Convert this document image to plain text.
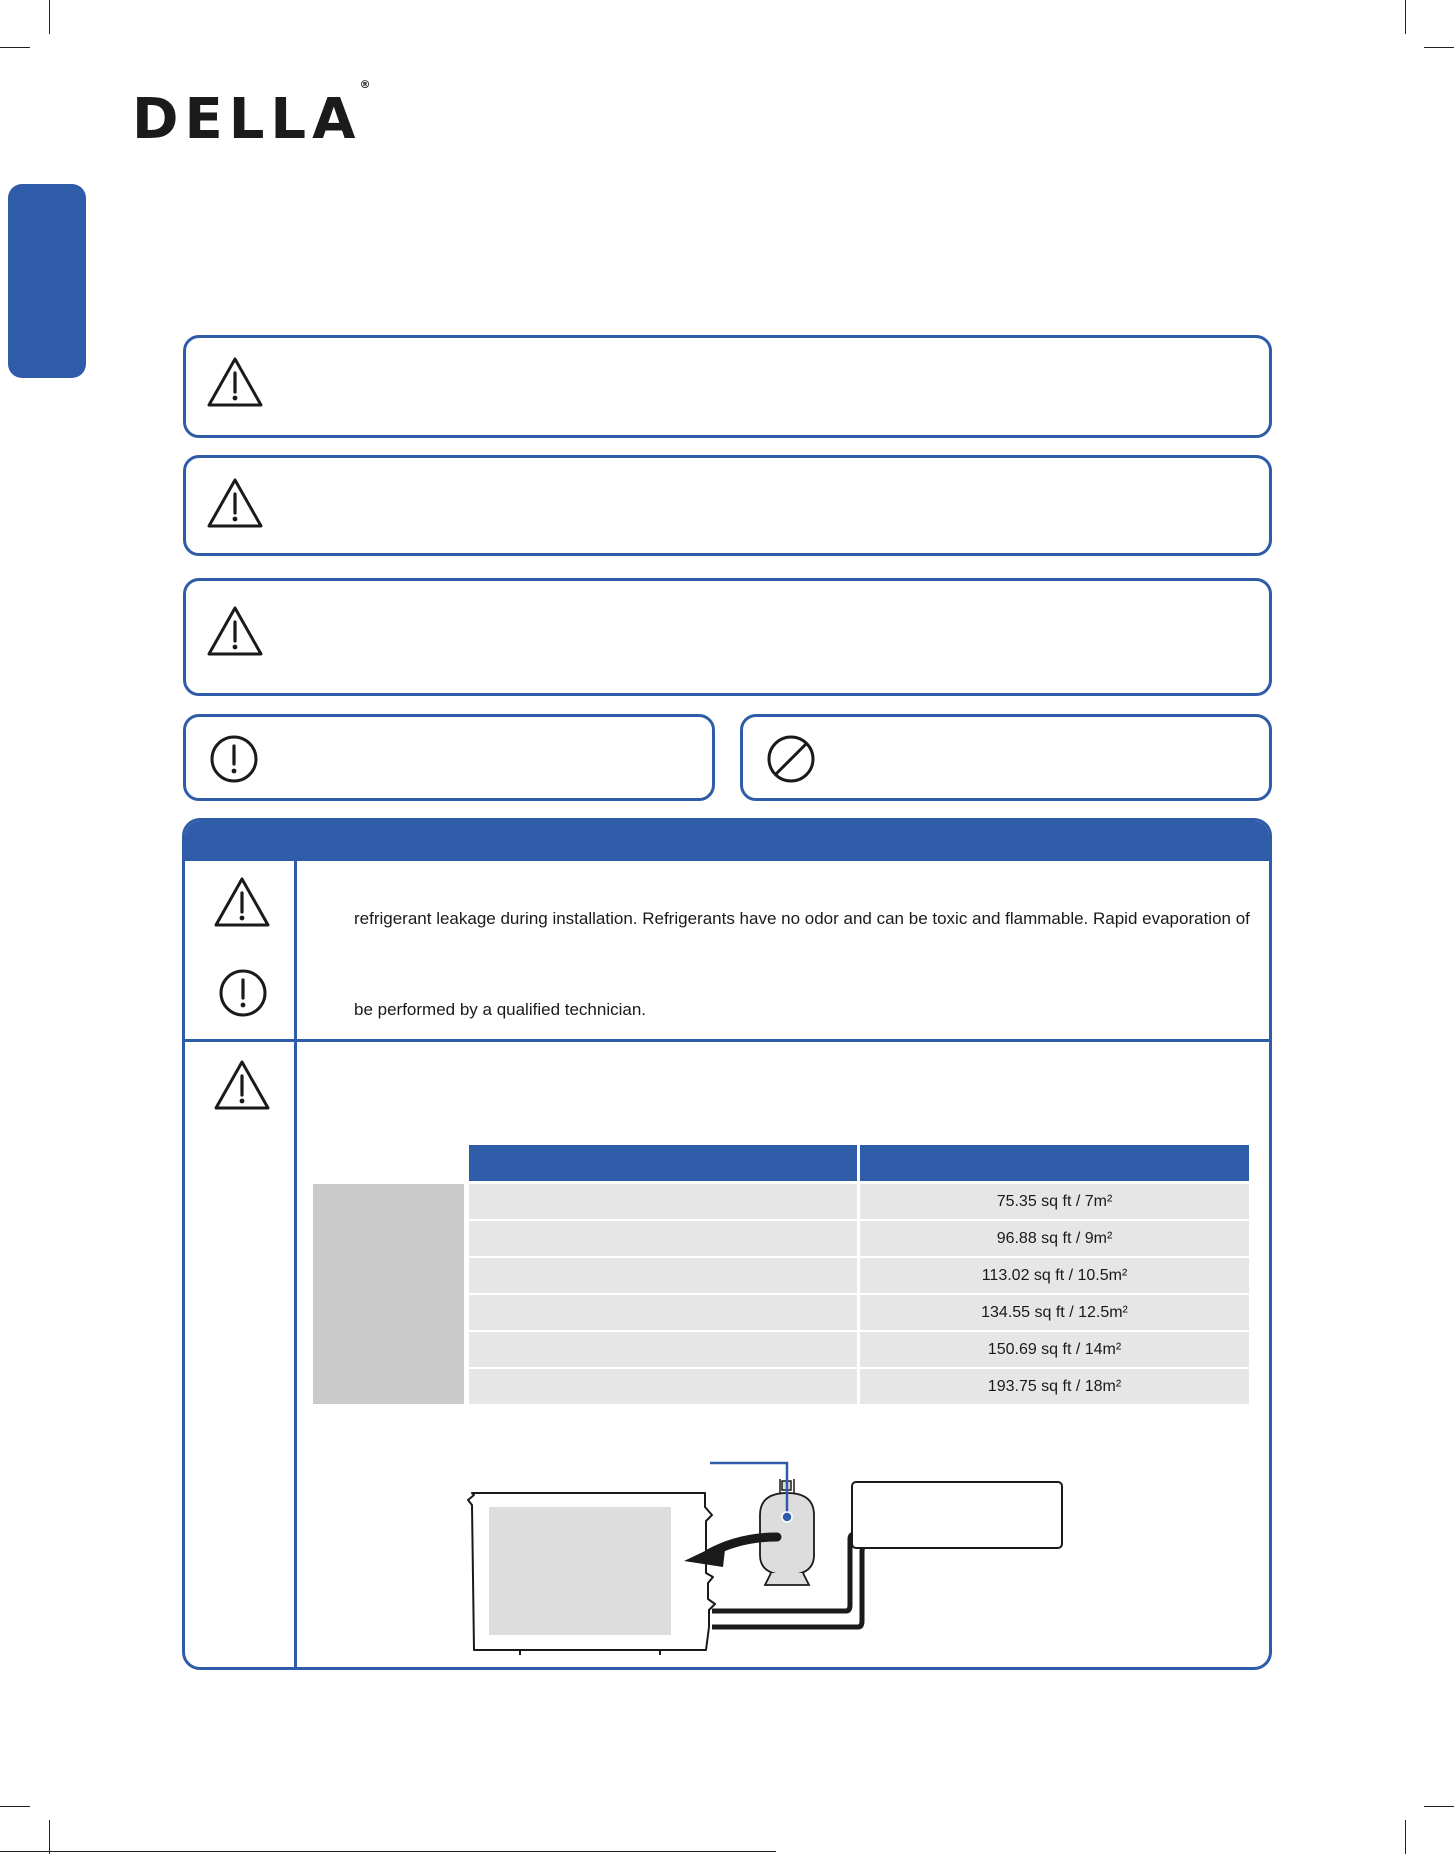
DELLA®
refrigerant leakage during installation. Refrigerants have no odor and can be toxic and flammable. Rapid evaporation of
be performed by a qualified technician.
75.35 sq ft / 7m²
96.88 sq ft / 9m²
113.02 sq ft / 10.5m²
134.55 sq ft / 12.5m²
150.69 sq ft / 14m²
193.75 sq ft / 18m²
